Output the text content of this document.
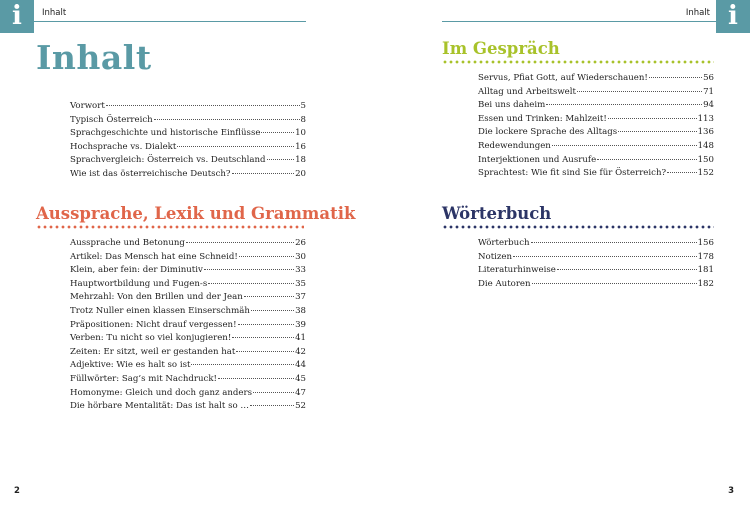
i	Inhalt	i
Inhalt
Inhalt
Vorwort	5
Typisch Österreich	8
Sprachgeschichte und historische Einflüsse	10
Hochsprache vs. Dialekt	16
Sprachvergleich: Österreich vs. Deutschland	18
Wie ist das österreichische Deutsch?	20
Aussprache, Lexik und Grammatik
Aussprache und Betonung	26
Artikel: Das Mensch hat eine Schneid!	30
Klein, aber fein: der Diminutiv	33
Hauptwortbildung und Fugen-s	35
Mehrzahl: Von den Brillen und der Jean	37
Trotz Nuller einen klassen Einserschmäh	38
Präpositionen: Nicht drauf vergessen!	39
Verben: Tu nicht so viel konjugieren!	41
Zeiten: Er sitzt, weil er gestanden hat	42
Adjektive: Wie es halt so ist	44
Füllwörter: Sag’s mit Nachdruck!	45
Homonyme: Gleich und doch ganz anders	47
Die hörbare Mentalität: Das ist halt so …	52
Im Gespräch
Servus, Pfiat Gott, auf Wiederschauen!	56
Alltag und Arbeitswelt	71
Bei uns daheim	94
Essen und Trinken: Mahlzeit!	113
Die lockere Sprache des Alltags	136
Redewendungen	148
Interjektionen und Ausrufe	150
Sprachtest: Wie fit sind Sie für Österreich?	152
Wörterbuch
Wörterbuch	156
Notizen	178
Literaturhinweise	181
Die Autoren	182
2	3
